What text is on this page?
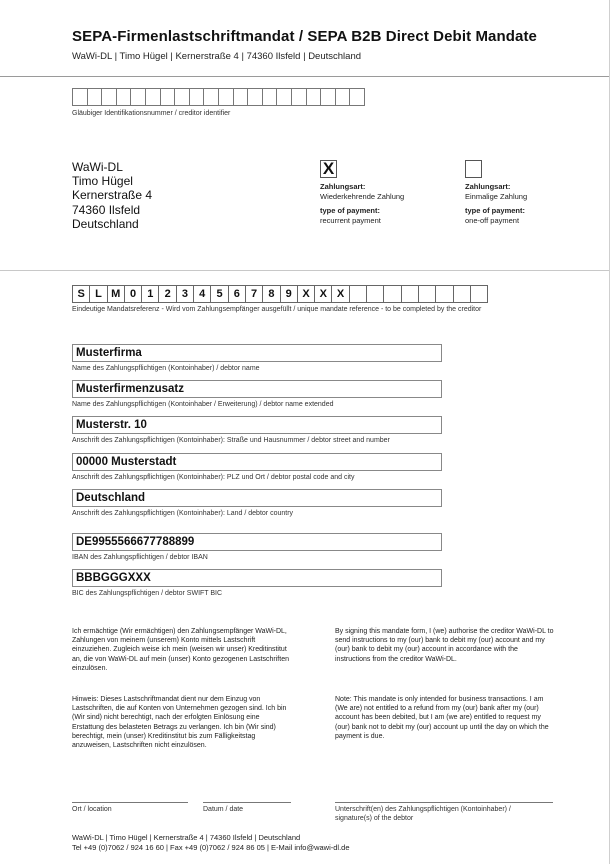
SEPA-Firmenlastschriftmandat / SEPA B2B Direct Debit Mandate
WaWi-DL | Timo Hügel | Kernerstraße 4 | 74360 Ilsfeld | Deutschland
Gläubiger Identifikationsnummer / creditor identifier
WaWi-DL
Timo Hügel
Kernerstraße 4
74360 Ilsfeld
Deutschland
X
Zahlungsart:
Wiederkehrende Zahlung

type of payment:
recurrent payment
Zahlungsart:
Einmalige Zahlung

type of payment:
one-off payment
S L M 0	1	2	3	4	5	6	7	8	9 X X X
Eindeutige Mandatsreferenz - Wird vom Zahlungsempfänger ausgefüllt / unique mandate reference - to be completed by the creditor
Musterfirma
Name des Zahlungspflichtigen (Kontoinhaber) / debtor name
Musterfirmenzusatz
Name des Zahlungspflichtigen (Kontoinhaber / Erweiterung) / debtor name extended
Musterstr. 10
Anschrift des Zahlungspflichtigen (Kontoinhaber): Straße und Hausnummer / debtor street and number
00000 Musterstadt
Anschrift des Zahlungspflichtigen (Kontoinhaber): PLZ und Ort / debtor postal code and city
Deutschland
Anschrift des Zahlungspflichtigen (Kontoinhaber): Land / debtor country
DE9955566677788899
IBAN des Zahlungspflichtigen / debtor IBAN
BBBGGGXXX
BIC des Zahlungspflichtigen / debtor SWIFT BIC
Ich ermächtige (Wir ermächtigen) den Zahlungsempfänger WaWi-DL, Zahlungen von meinem (unserem) Konto mittels Lastschrift einzuziehen. Zugleich weise ich mein (weisen wir unser) Kreditinstitut an, die von WaWi-DL auf mein (unser) Konto gezogenen Lastschriften einzulösen.
By signing this mandate form, I (we) authorise the creditor WaWi-DL to send instructions to my (our) bank to debit my (our) account and my (our) bank to debit my (our) account in accordance with the instructions from the creditor WaWi-DL.
Hinweis: Dieses Lastschriftmandat dient nur dem Einzug von Lastschriften, die auf Konten von Unternehmen gezogen sind. Ich bin (Wir sind) nicht berechtigt, nach der erfolgten Einlösung eine Erstattung des belasteten Betrags zu verlangen. Ich bin (Wir sind) berechtigt, mein (unser) Kreditinstitut bis zum Fälligkeitstag anzuweisen, Lastschriften nicht einzulösen.
Note: This mandate is only intended for business transactions. I am (We are) not entitled to a refund from my (our) bank after my (our) account has been debited, but I am (we are) entitled to request my (our) bank not to debit my (our) account up until the day on which the payment is due.
Ort / location	Datum / date	Unterschrift(en) des Zahlungspflichtigen (Kontoinhaber) /
signature(s) of the debtor
WaWi-DL | Timo Hügel | Kernerstraße 4 | 74360 Ilsfeld | Deutschland
Tel +49 (0)7062 / 924 16 60 | Fax +49 (0)7062 / 924 86 05 | E-Mail info@wawi-dl.de
